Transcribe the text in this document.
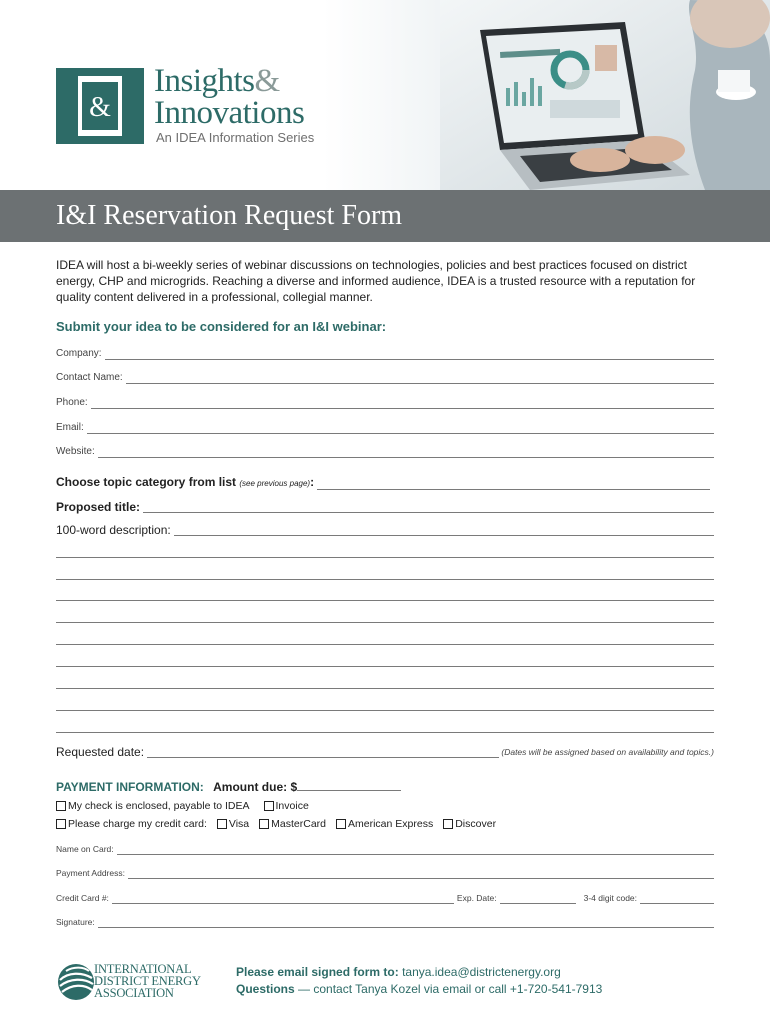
&
Insights&
Innovations
An IDEA Information Series
I&I Reservation Request Form
IDEA will host a bi-weekly series of webinar discussions on technologies, policies and best practices focused on district energy, CHP and microgrids. Reaching a diverse and informed audience, IDEA is a trusted resource with a reputation for quality content delivered in a professional, collegial manner.
Submit your idea to be considered for an I&I webinar:
Company:
Contact Name:
Phone:
Email:
Website:
Choose topic category from list (see previous page):
Proposed title:
100-word description:
Requested date:	(Dates will be assigned based on availability and topics.)
PAYMENT INFORMATION: Amount due: $
My check is enclosed, payable to IDEA Invoice
Please charge my credit card: Visa MasterCard American Express Discover
Name on Card:
Payment Address:
Credit Card #:	Exp. Date:	3-4 digit code:
Signature:
INTERNATIONAL
DISTRICT ENERGY
ASSOCIATION
Please email signed form to: tanya.idea@districtenergy.org
Questions — contact Tanya Kozel via email or call +1-720-541-7913
